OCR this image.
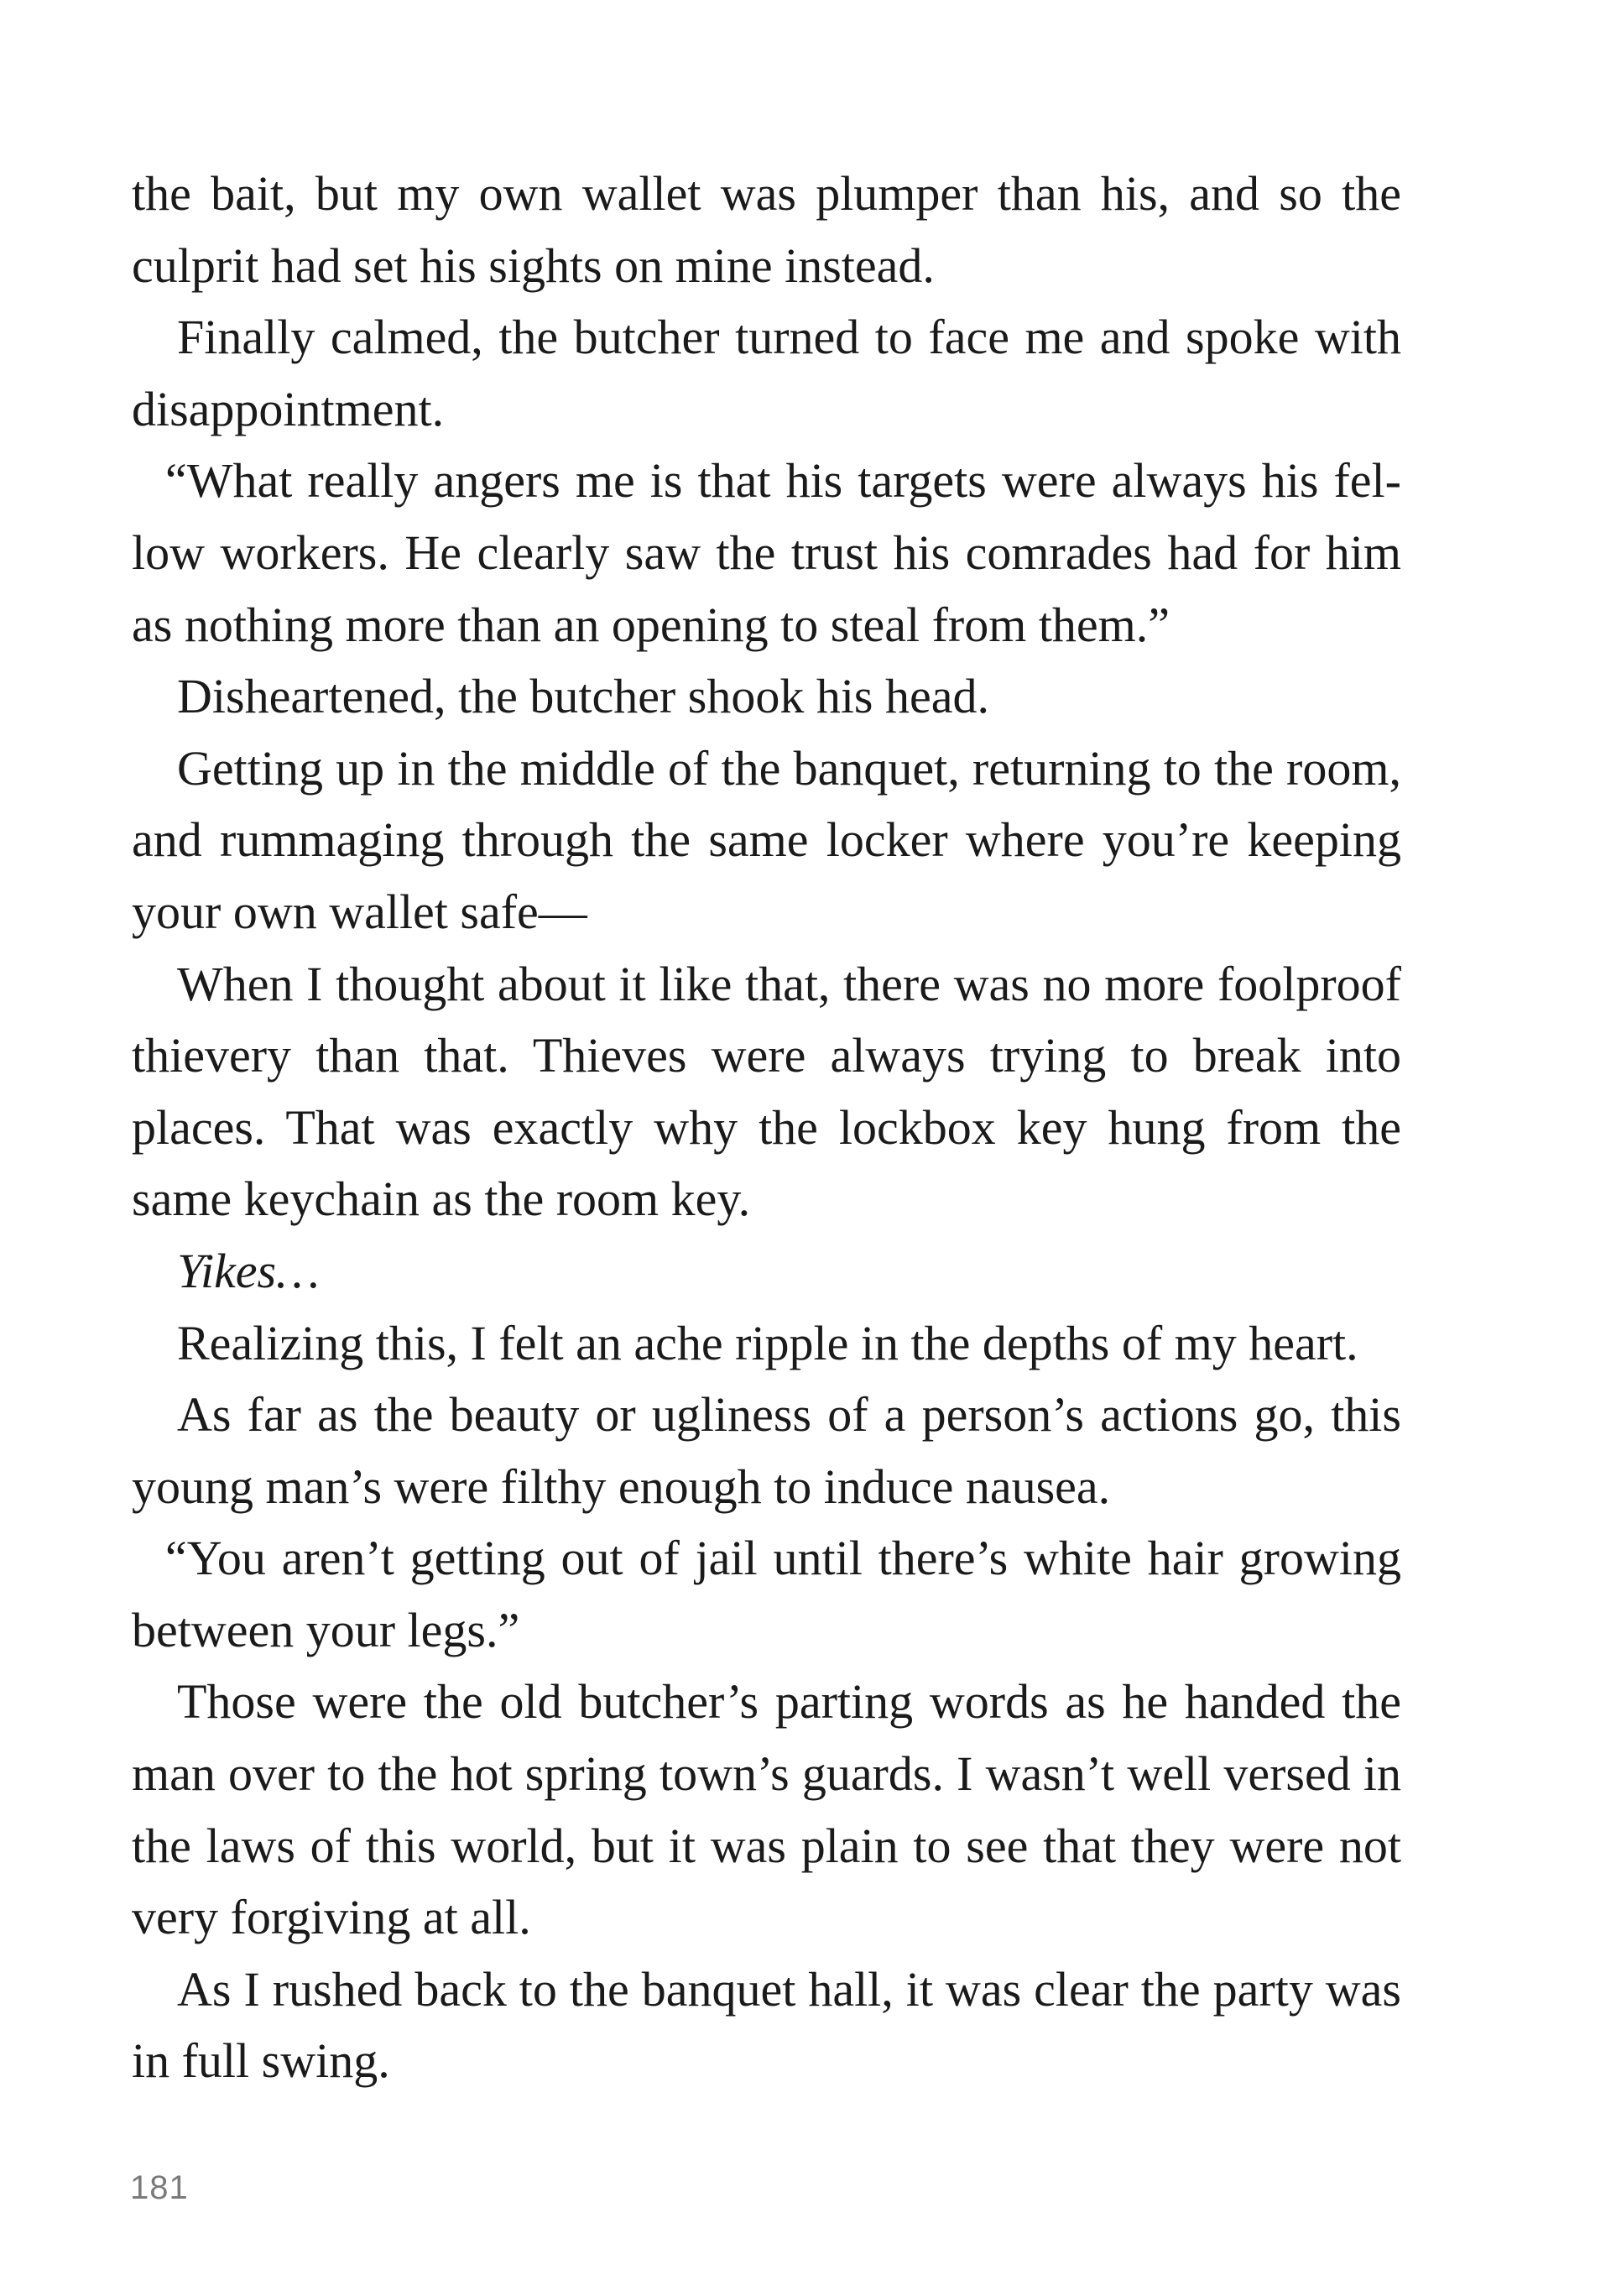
the bait, but my own wallet was plumper than his, and so the culprit had set his sights on mine instead.

Finally calmed, the butcher turned to face me and spoke with disappointment.

“What really angers me is that his targets were always his fellow workers. He clearly saw the trust his comrades had for him as nothing more than an opening to steal from them.”

Disheartened, the butcher shook his head.

Getting up in the middle of the banquet, returning to the room, and rummaging through the same locker where you’re keeping your own wallet safe—

When I thought about it like that, there was no more foolproof thievery than that. Thieves were always trying to break into places. That was exactly why the lockbox key hung from the same keychain as the room key.

Yikes…

Realizing this, I felt an ache ripple in the depths of my heart.

As far as the beauty or ugliness of a person’s actions go, this young man’s were filthy enough to induce nausea.

“You aren’t getting out of jail until there’s white hair growing between your legs.”

Those were the old butcher’s parting words as he handed the man over to the hot spring town’s guards. I wasn’t well versed in the laws of this world, but it was plain to see that they were not very forgiving at all.

As I rushed back to the banquet hall, it was clear the party was in full swing.

181
